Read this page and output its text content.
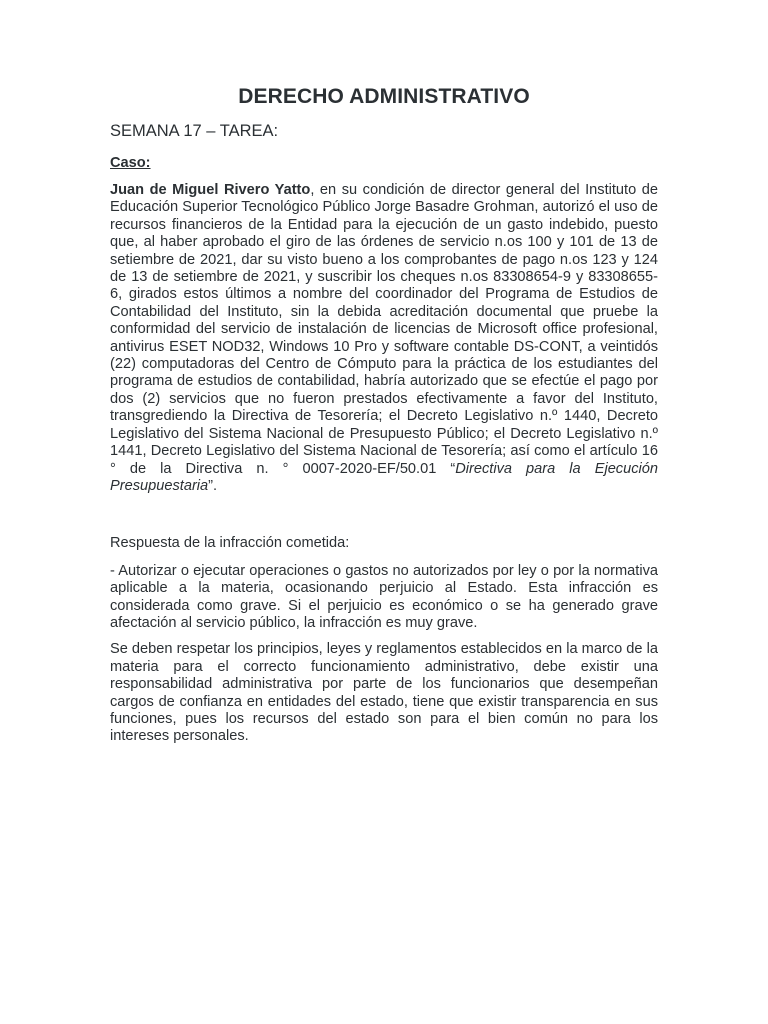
DERECHO ADMINISTRATIVO

SEMANA 17 – TAREA:

Caso:

Juan de Miguel Rivero Yatto, en su condición de director general del Instituto de Educación Superior Tecnológico Público Jorge Basadre Grohman, autorizó el uso de recursos financieros de la Entidad para la ejecución de un gasto indebido, puesto que, al haber aprobado el giro de las órdenes de servicio n.os 100 y 101 de 13 de setiembre de 2021, dar su visto bueno a los comprobantes de pago n.os 123 y 124 de 13 de setiembre de 2021, y suscribir los cheques n.os 83308654-9 y 83308655-6, girados estos últimos a nombre del coordinador del Programa de Estudios de Contabilidad del Instituto, sin la debida acreditación documental que pruebe la conformidad del servicio de instalación de licencias de Microsoft office profesional, antivirus ESET NOD32, Windows 10 Pro y software contable DS-CONT, a veintidós (22) computadoras del Centro de Cómputo para la práctica de los estudiantes del programa de estudios de contabilidad, habría autorizado que se efectúe el pago por dos (2) servicios que no fueron prestados efectivamente a favor del Instituto, transgrediendo la Directiva de Tesorería; el Decreto Legislativo n.º 1440, Decreto Legislativo del Sistema Nacional de Presupuesto Público; el Decreto Legislativo n.º 1441, Decreto Legislativo del Sistema Nacional de Tesorería; así como el artículo 16 ° de la Directiva n. ° 0007-2020-EF/50.01 “Directiva para la Ejecución Presupuestaria”.

Respuesta de la infracción cometida:

- Autorizar o ejecutar operaciones o gastos no autorizados por ley o por la normativa aplicable a la materia, ocasionando perjuicio al Estado. Esta infracción es considerada como grave. Si el perjuicio es económico o se ha generado grave afectación al servicio público, la infracción es muy grave.

Se deben respetar los principios, leyes y reglamentos establecidos en la marco de la materia para el correcto funcionamiento administrativo, debe existir una responsabilidad administrativa por parte de los funcionarios que desempeñan cargos de confianza en entidades del estado, tiene que existir transparencia en sus funciones, pues los recursos del estado son para el bien común no para los intereses personales.
